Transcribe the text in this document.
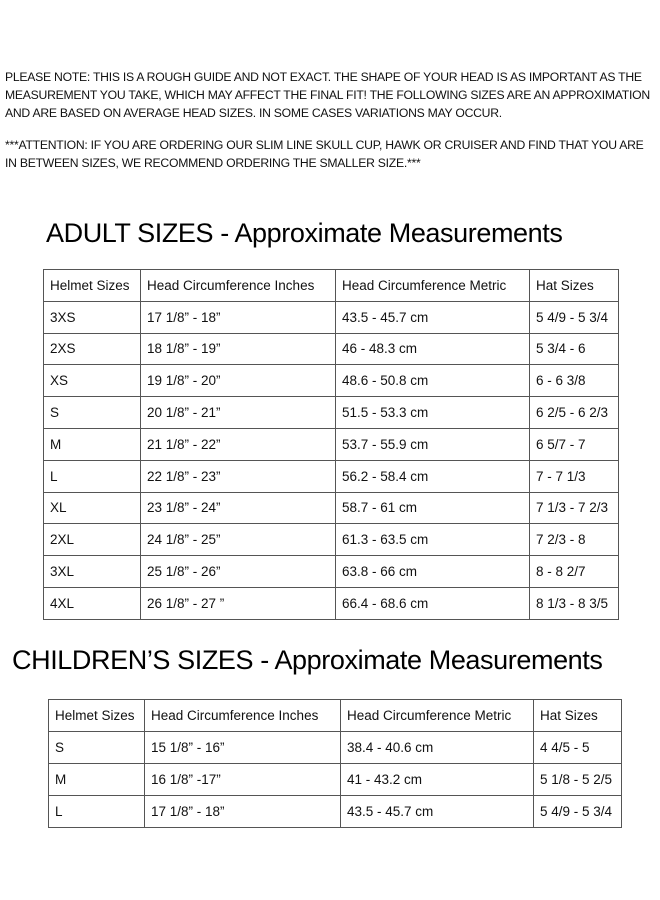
PLEASE NOTE: THIS IS A ROUGH GUIDE AND NOT EXACT. THE SHAPE OF YOUR HEAD IS AS IMPORTANT AS THE MEASUREMENT YOU TAKE, WHICH MAY AFFECT THE FINAL FIT! THE FOLLOWING SIZES ARE AN APPROXIMATION AND ARE BASED ON AVERAGE HEAD SIZES. IN SOME CASES VARIATIONS MAY OCCUR.

***ATTENTION: IF YOU ARE ORDERING OUR SLIM LINE SKULL CUP, HAWK OR CRUISER AND FIND THAT YOU ARE IN BETWEEN SIZES, WE RECOMMEND ORDERING THE SMALLER SIZE.***

ADULT SIZES - Approximate Measurements
Helmet Sizes	Head Circumference Inches	Head Circumference Metric	Hat Sizes
3XS	17 1/8” - 18”	43.5 - 45.7 cm	5 4/9 - 5 3/4
2XS	18 1/8” - 19”	46 - 48.3 cm	5 3/4 - 6
XS	19 1/8” - 20”	48.6 - 50.8 cm	6 - 6 3/8
S	20 1/8” - 21”	51.5 - 53.3 cm	6 2/5 - 6 2/3
M	21 1/8” - 22”	53.7 - 55.9 cm	6 5/7 - 7
L	22 1/8” - 23”	56.2 - 58.4 cm	7 - 7 1/3
XL	23 1/8” - 24”	58.7 - 61 cm	7 1/3 - 7 2/3
2XL	24 1/8” - 25”	61.3 - 63.5 cm	7 2/3 - 8
3XL	25 1/8” - 26”	63.8 - 66 cm	8 - 8 2/7
4XL	26 1/8” - 27 ”	66.4 - 68.6 cm	8 1/3 - 8 3/5
CHILDREN’S SIZES - Approximate Measurements
Helmet Sizes	Head Circumference Inches	Head Circumference Metric	Hat Sizes
S	15 1/8” - 16”	38.4 - 40.6 cm	4 4/5 - 5
M	16 1/8” -17”	41 - 43.2 cm	5 1/8 - 5 2/5
L	17 1/8” - 18”	43.5 - 45.7 cm	5 4/9 - 5 3/4
